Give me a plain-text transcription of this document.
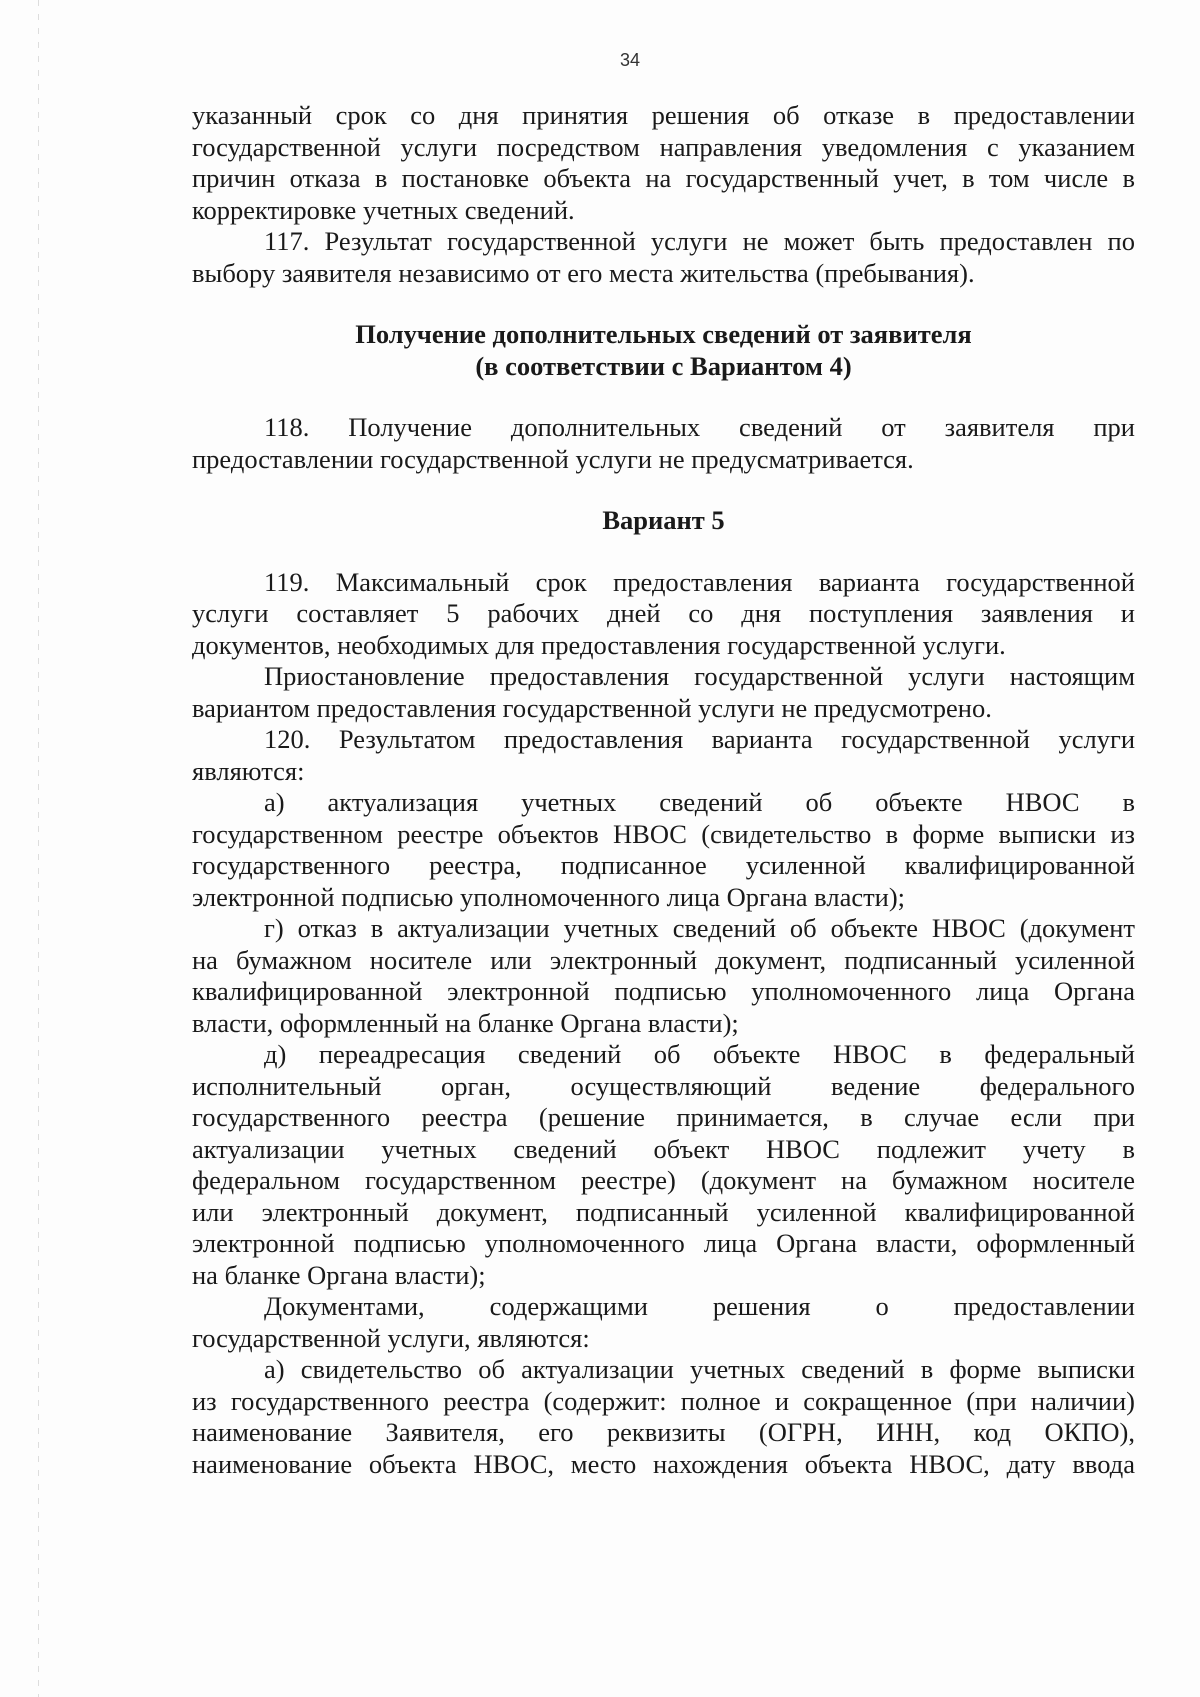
34
указанный срок со дня принятия решения об отказе в предоставлении
государственной услуги посредством направления уведомления с указанием
причин отказа в постановке объекта на государственный учет, в том числе в
корректировке учетных сведений.
117. Результат государственной услуги не может быть предоставлен по
выбору заявителя независимо от его места жительства (пребывания).
Получение дополнительных сведений от заявителя
(в соответствии с Вариантом 4)
118. Получение дополнительных сведений от заявителя при
предоставлении государственной услуги не предусматривается.
Вариант 5
119. Максимальный срок предоставления варианта государственной
услуги составляет 5 рабочих дней со дня поступления заявления и
документов, необходимых для предоставления государственной услуги.
Приостановление предоставления государственной услуги настоящим
вариантом предоставления государственной услуги не предусмотрено.
120. Результатом предоставления варианта государственной услуги
являются:
а) актуализация учетных сведений об объекте НВОС в
государственном реестре объектов НВОС (свидетельство в форме выписки из
государственного реестра, подписанное усиленной квалифицированной
электронной подписью уполномоченного лица Органа власти);
г) отказ в актуализации учетных сведений об объекте НВОС (документ
на бумажном носителе или электронный документ, подписанный усиленной
квалифицированной электронной подписью уполномоченного лица Органа
власти, оформленный на бланке Органа власти);
д) переадресация сведений об объекте НВОС в федеральный
исполнительный орган, осуществляющий ведение федерального
государственного реестра (решение принимается, в случае если при
актуализации учетных сведений объект НВОС подлежит учету в
федеральном государственном реестре) (документ на бумажном носителе
или электронный документ, подписанный усиленной квалифицированной
электронной подписью уполномоченного лица Органа власти, оформленный
на бланке Органа власти);
Документами, содержащими решения о предоставлении
государственной услуги, являются:
а) свидетельство об актуализации учетных сведений в форме выписки
из государственного реестра (содержит: полное и сокращенное (при наличии)
наименование Заявителя, его реквизиты (ОГРН, ИНН, код ОКПО),
наименование объекта НВОС, место нахождения объекта НВОС, дату ввода
